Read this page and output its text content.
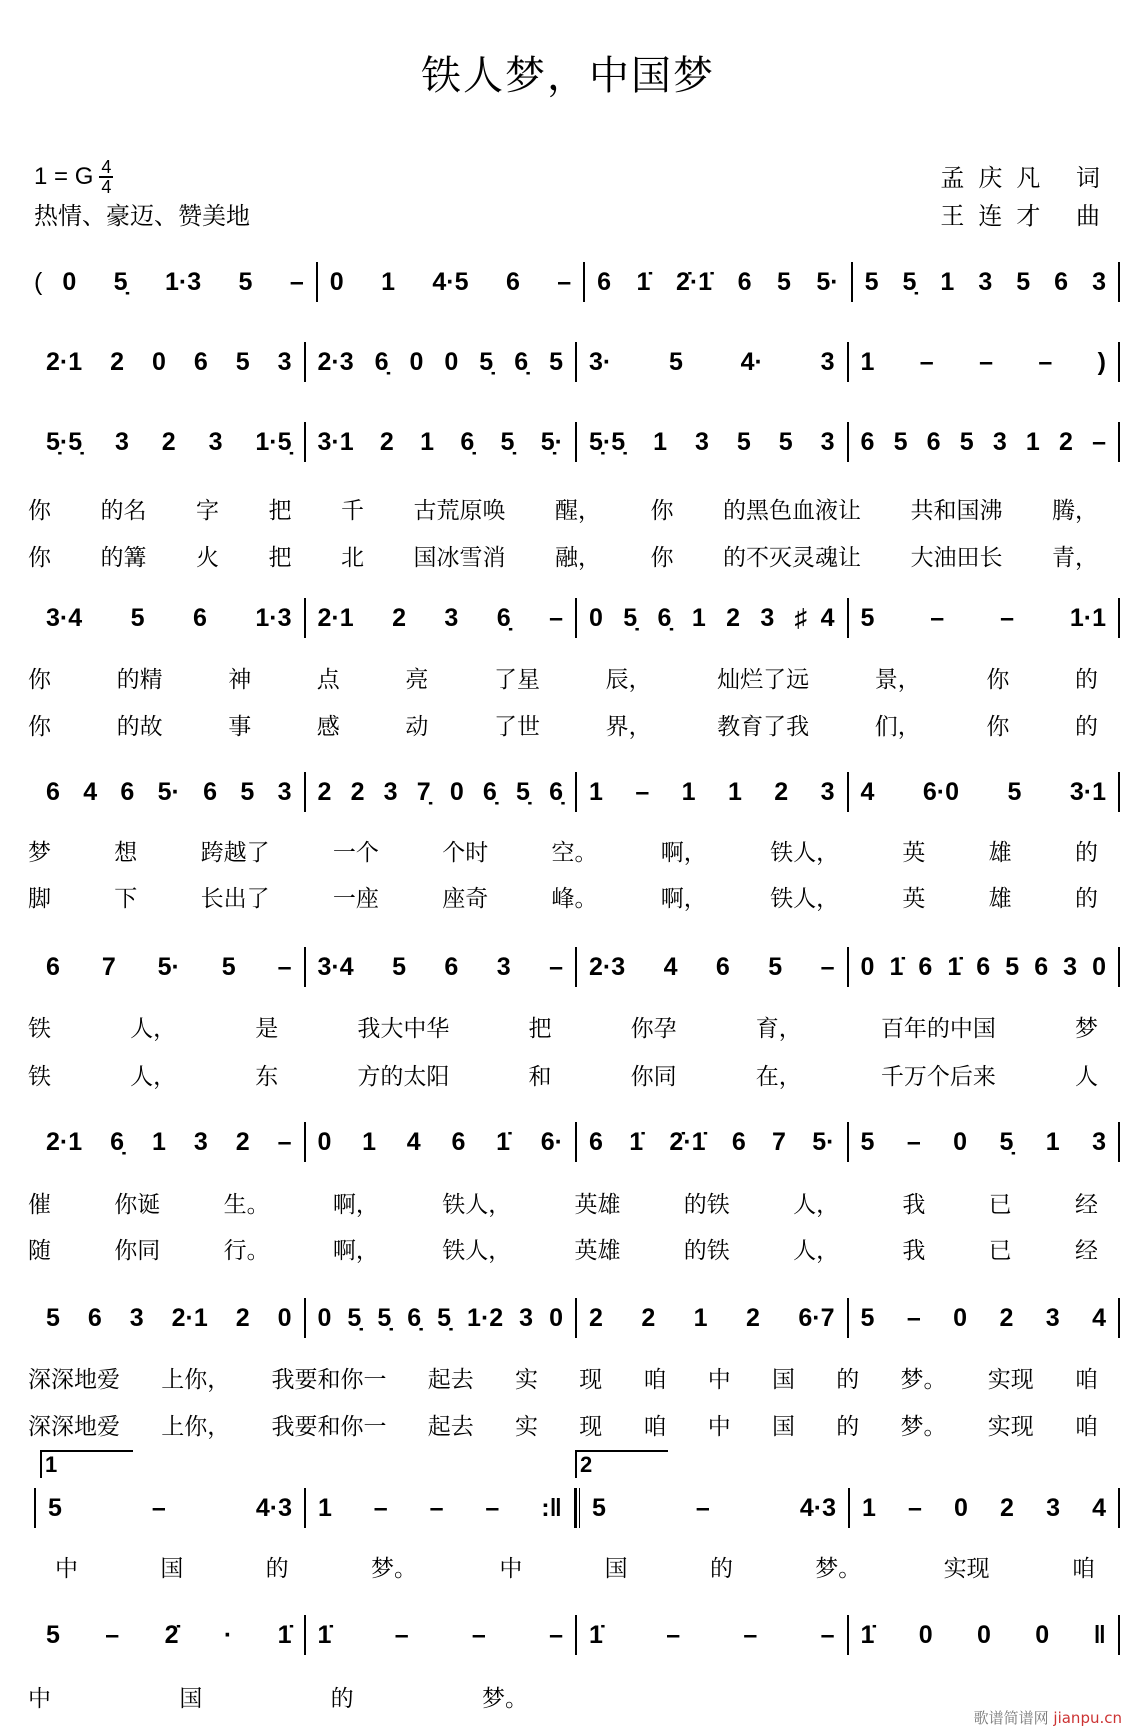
铁人梦，中国梦
1 = G $\frac{4}{4}$
热情、豪迈、赞美地
孟庆凡 词
王连才 曲
( 0 5̣ 1·3 5 – 0 1 4·5 6 – 6 1̇ 2̇·1̇ 6 5 5· 5 5̣ 1 3 5 6 3
2·1 2 0 6 5 3 2·3 6̣ 0 0 5̣ 6̣ 5 3· 5 4· 3 1 – – – )
5̣·5̣ 3 2 3 1·5̣ 3·1 2 1 6̣ 5̣ 5̣· 5̣·5̣ 1 3 5 5 3 6 5 6 5 3 1 2 –
你 的名 字 把 千 古荒原唤 醒， 你 的黑色血液让 共和国沸 腾，
你 的篝 火 把 北 国冰雪消 融， 你 的不灭灵魂让 大油田长 青，
3·4 5 6 1·3 2·1 2 3 6̣ – 0 5̣ 6̣ 1 2 3 ♯4 5 – – 1·1
你	的精	神	点	亮	了星	辰，	灿烂了远	景，	你	的
你	的故	事	感	动	了世	界，	教育了我	们，	你	的
6 4 6 5· 6 5 3 2 2 3 7̣ 0 6̣ 5̣ 6̣ 1 – 1 1 2 3 4 6·0 5 3·1
梦	想	跨越了	一个	个时	空。	啊，	铁人，	英	雄	的
脚	下	长出了	一座	座奇	峰。	啊，	铁人，	英	雄	的
6 7 5· 5 – 3·4 5 6 3 – 2·3 4 6 5 – 0 1̇ 6 1̇ 6 5 6 3 0
铁	人，	是	我大中华	把	你孕	育，	百年的中国	梦
铁	人，	东	方的太阳	和	你同	在，	千万个后来	人
2·1 6̣ 1 3 2 – 0 1 4 6 1̇ 6· 6 1̇ 2̇·1̇ 6 7 5· 5 – 0 5̣ 1 3
催	你诞	生。	啊，	铁人，	英雄	的铁	人，	我	已	经
随	你同	行。	啊，	铁人，	英雄	的铁	人，	我	已	经
5 6 3 2·1 2 0 0 5̣ 5̣ 6̣ 5̣ 1·2 3 0 2 2 1 2 6·7 5 – 0 2 3 4
深深地爱 上你， 我要和你一 起去 实 现 咱 中 国 的 梦。 实现 咱
深深地爱 上你， 我要和你一 起去 实 现 咱 中 国 的 梦。 实现 咱
5 – 4·3 1 – – – :‖ 5 – 4·3 1 – 0 2 3 4
1	2
中	国	的	梦。	中	国	的	梦。	实现	咱
5 – 2̇ · 1̇ 1̇ – – – 1̇ – – – 1̇ 0 0 0 ‖
中	国	的	梦。
歌谱简谱网 jianpu.cn
